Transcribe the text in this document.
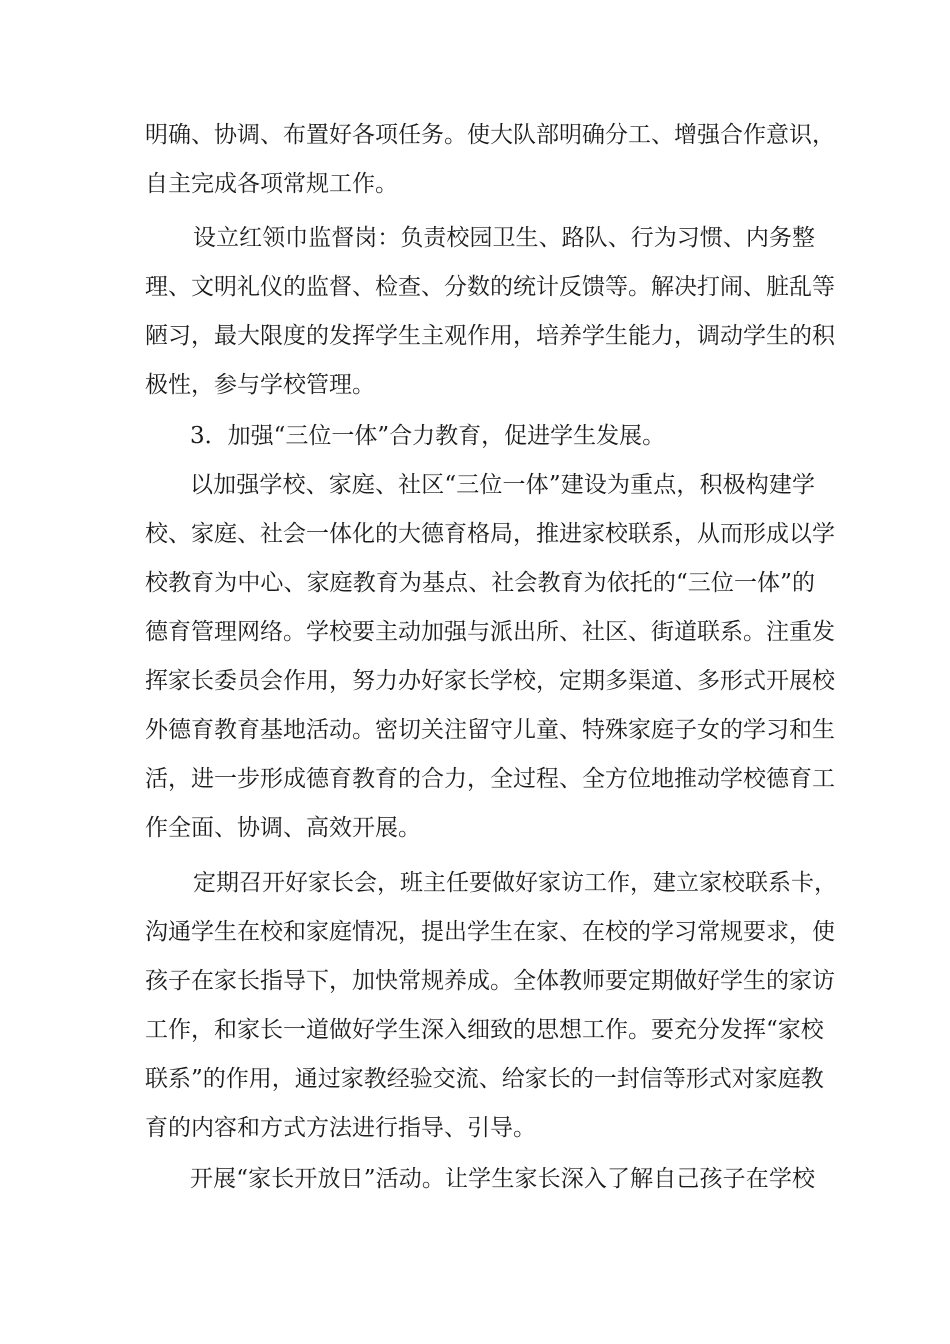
明确、协调、布置好各项任务。使大队部明确分工、增强合作意识，
自主完成各项常规工作。
设立红领巾监督岗：负责校园卫生、路队、行为习惯、内务整
理、文明礼仪的监督、检查、分数的统计反馈等。解决打闹、脏乱等
陋习，最大限度的发挥学生主观作用，培养学生能力，调动学生的积
极性，参与学校管理。
3．加强“三位一体”合力教育，促进学生发展。
以加强学校、家庭、社区“三位一体”建设为重点，积极构建学
校、家庭、社会一体化的大德育格局，推进家校联系，从而形成以学
校教育为中心、家庭教育为基点、社会教育为依托的“三位一体”的
德育管理网络。学校要主动加强与派出所、社区、街道联系。注重发
挥家长委员会作用，努力办好家长学校，定期多渠道、多形式开展校
外德育教育基地活动。密切关注留守儿童、特殊家庭子女的学习和生
活，进一步形成德育教育的合力，全过程、全方位地推动学校德育工
作全面、协调、高效开展。
定期召开好家长会，班主任要做好家访工作，建立家校联系卡，
沟通学生在校和家庭情况，提出学生在家、在校的学习常规要求，使
孩子在家长指导下，加快常规养成。全体教师要定期做好学生的家访
工作，和家长一道做好学生深入细致的思想工作。要充分发挥“家校
联系”的作用，通过家教经验交流、给家长的一封信等形式对家庭教
育的内容和方式方法进行指导、引导。
开展“家长开放日”活动。让学生家长深入了解自己孩子在学校
